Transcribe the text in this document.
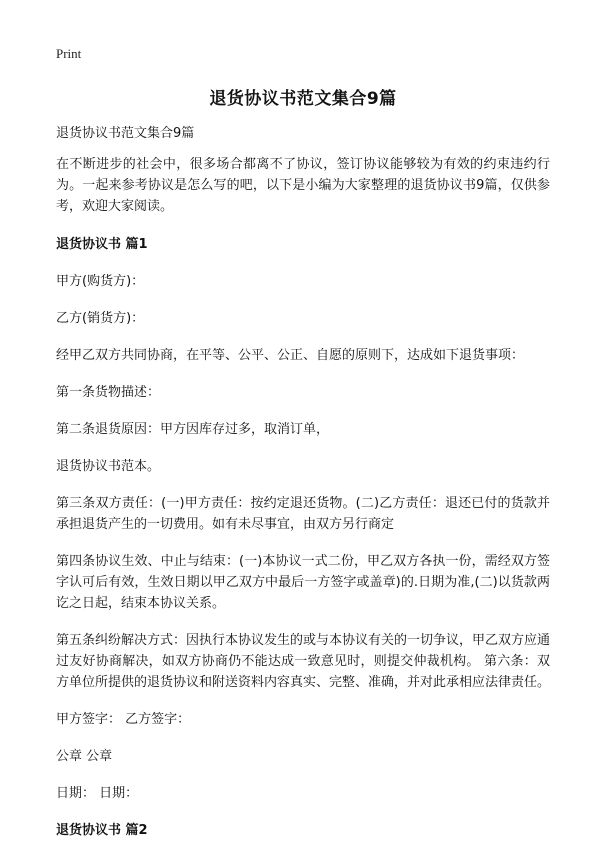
Print
退货协议书范文集合9篇

退货协议书范文集合9篇

在不断进步的社会中，很多场合都离不了协议，签订协议能够较为有效的约束违约行为。一起来参考协议是怎么写的吧，以下是小编为大家整理的退货协议书9篇，仅供参考，欢迎大家阅读。

退货协议书 篇1

甲方(购货方)：

乙方(销货方)：

经甲乙双方共同协商，在平等、公平、公正、自愿的原则下，达成如下退货事项：

第一条货物描述：

第二条退货原因：甲方因库存过多，取消订单，

退货协议书范本。

第三条双方责任：(一)甲方责任：按约定退还货物。(二)乙方责任：退还已付的货款并承担退货产生的一切费用。如有未尽事宜，由双方另行商定

第四条协议生效、中止与结束：(一)本协议一式二份，甲乙双方各执一份，需经双方签字认可后有效，生效日期以甲乙双方中最后一方签字或盖章)的.日期为准,(二)以货款两讫之日起，结束本协议关系。

第五条纠纷解决方式：因执行本协议发生的或与本协议有关的一切争议，甲乙双方应通过友好协商解决，如双方协商仍不能达成一致意见时，则提交仲裁机构。 第六条：双方单位所提供的退货协议和附送资料内容真实、完整、准确，并对此承相应法律责任。

甲方签字： 乙方签字：

公章 公章

日期： 日期：

退货协议书 篇2
